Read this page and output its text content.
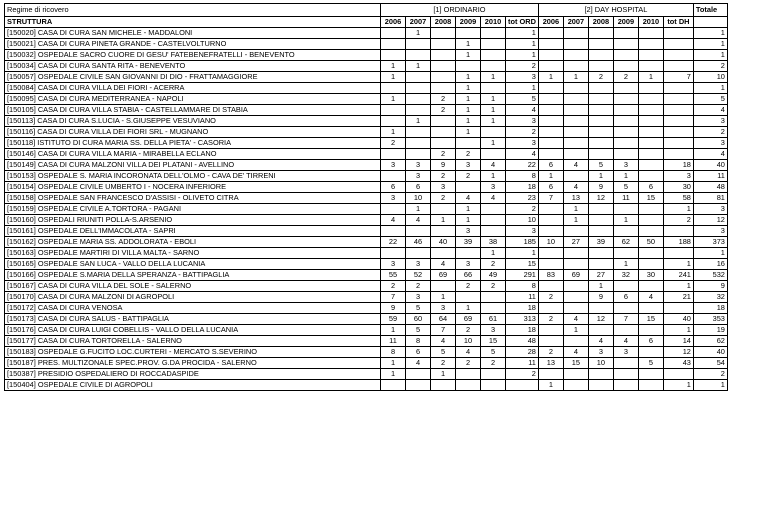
Regime di ricovero	[1] ORDINARIO						[2] DAY HOSPITAL						Totale
STRUTTURA	2006	2007	2008	2009	2010	tot ORD	2006	2007	2008	2009	2010	tot DH	
[150020] CASA DI CURA SAN MICHELE - MADDALONI		1				1							1
[150021] CASA DI CURA PINETA GRANDE - CASTELVOLTURNO				1		1							1
[150032] OSPEDALE SACRO CUORE DI GESU' FATEBENEFRATELLI - BENEVENTO				1		1							1
[150034] CASA DI CURA SANTA RITA - BENEVENTO	1	1				2							2
[150057] OSPEDALE CIVILE SAN GIOVANNI DI DIO - FRATTAMAGGIORE	1			1	1	3	1	1	2	2	1	7	10
[150084] CASA DI CURA VILLA DEI FIORI - ACERRA				1		1							1
[150095] CASA DI CURA MEDITERRANEA - NAPOLI	1		2	1	1	5							5
[150105] CASA DI CURA VILLA STABIA - CASTELLAMMARE DI STABIA			2	1	1	4							4
[150113] CASA DI CURA S.LUCIA - S.GIUSEPPE VESUVIANO		1		1	1	3							3
[150116] CASA DI CURA VILLA DEI FIORI SRL - MUGNANO	1			1		2							2
[150118] ISTITUTO DI CURA MARIA SS. DELLA PIETA' - CASORIA	2				1	3							3
[150146] CASA DI CURA VILLA MARIA - MIRABELLA ECLANO			2	2		4							4
[150149] CASA DI CURA MALZONI VILLA DEI PLATANI - AVELLINO	3	3	9	3	4	22	6	4	5	3		18	40
[150153] OSPEDALE S. MARIA INCORONATA DELL'OLMO - CAVA DE' TIRRENI		3	2	2	1	8	1		1	1		3	11
[150154] OSPEDALE CIVILE UMBERTO I - NOCERA INFERIORE	6	6	3		3	18	6	4	9	5	6	30	48
[150158] OSPEDALE SAN FRANCESCO D'ASSISI - OLIVETO CITRA	3	10	2	4	4	23	7	13	12	11	15	58	81
[150159] OSPEDALE CIVILE A.TORTORA - PAGANI		1		1		2		1				1	3
[150160] OSPEDALI RIUNITI POLLA-S.ARSENIO	4	4	1	1		10		1		1		2	12
[150161] OSPEDALE DELL'IMMACOLATA - SAPRI				3		3							3
[150162] OSPEDALE MARIA SS. ADDOLORATA - EBOLI	22	46	40	39	38	185	10	27	39	62	50	188	373
[150163] OSPEDALE MARTIRI DI VILLA MALTA - SARNO					1	1							1
[150165] OSPEDALE SAN LUCA - VALLO DELLA LUCANIA	3	3	4	3	2	15				1		1	16
[150166] OSPEDALE S.MARIA DELLA SPERANZA - BATTIPAGLIA	55	52	69	66	49	291	83	69	27	32	30	241	532
[150167] CASA DI CURA VILLA DEL SOLE - SALERNO	2	2		2	2	8			1			1	9
[150170] CASA DI CURA MALZONI DI AGROPOLI	7	3	1			11	2		9	6	4	21	32
[150172] CASA DI CURA VENOSA	9	5	3	1		18							18
[150173] CASA DI CURA SALUS - BATTIPAGLIA	59	60	64	69	61	313	2	4	12	7	15	40	353
[150176] CASA DI CURA LUIGI COBELLIS - VALLO DELLA LUCANIA	1	5	7	2	3	18		1				1	19
[150177] CASA DI CURA TORTORELLA - SALERNO	11	8	4	10	15	48			4	4	6	14	62
[150183] OSPEDALE G.FUCITO LOC.CURTERI - MERCATO S.SEVERINO	8	6	5	4	5	28	2	4	3	3		12	40
[150187] PRES. MULTIZONALE SPEC.PROV. G.DA PROCIDA - SALERNO	1	4	2	2	2	11	13	15	10		5	43	54
[150387] PRESIDIO OSPEDALIERO DI ROCCADASPIDE	1		1			2							2
[150404] OSPEDALE CIVILE DI AGROPOLI							1					1	1
